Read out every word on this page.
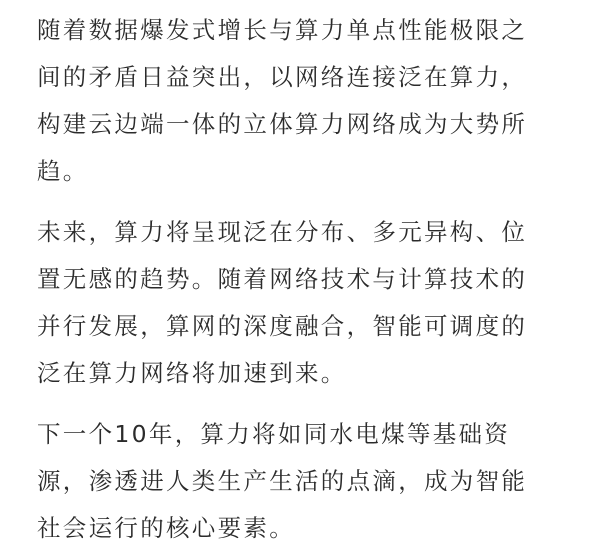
随着数据爆发式增长与算力单点性能极限之
间的矛盾日益突出，以网络连接泛在算力，
构建云边端一体的立体算力网络成为大势所
趋。

未来，算力将呈现泛在分布、多元异构、位
置无感的趋势。随着网络技术与计算技术的
并行发展，算网的深度融合，智能可调度的
泛在算力网络将加速到来。

下一个10年，算力将如同水电煤等基础资
源，渗透进人类生产生活的点滴，成为智能
社会运行的核心要素。
